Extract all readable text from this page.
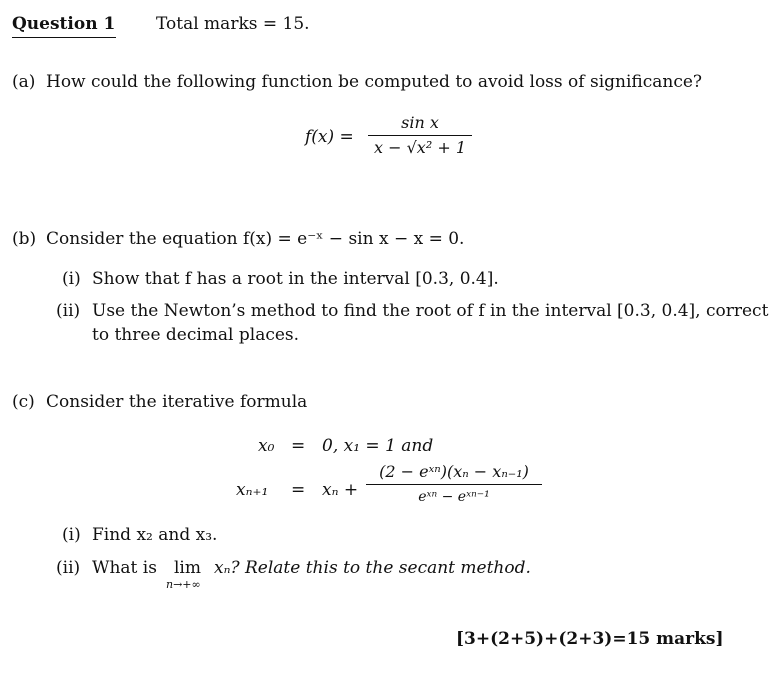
Question 1 Total marks = 15.
(a) How could the following function be computed to avoid loss of significance?
f(x) =
sin x
x − √x² + 1
(b) Consider the equation f(x) = e⁻ˣ − sin x − x = 0.
(i) Show that f has a root in the interval [0.3, 0.4].
(ii) Use the Newton’s method to find the root of f in the interval [0.3, 0.4], correct
to three decimal places.
(c) Consider the iterative formula
x₀ = 0, x₁ = 1 and
xₙ₊₁ = xₙ +
(2 − eˣⁿ)(xₙ − xₙ₋₁)
eˣⁿ − eˣⁿ⁻¹
(i) Find x₂ and x₃.
(ii) What is lim
n→+∞
xₙ? Relate this to the secant method.
[3+(2+5)+(2+3)=15 marks]
